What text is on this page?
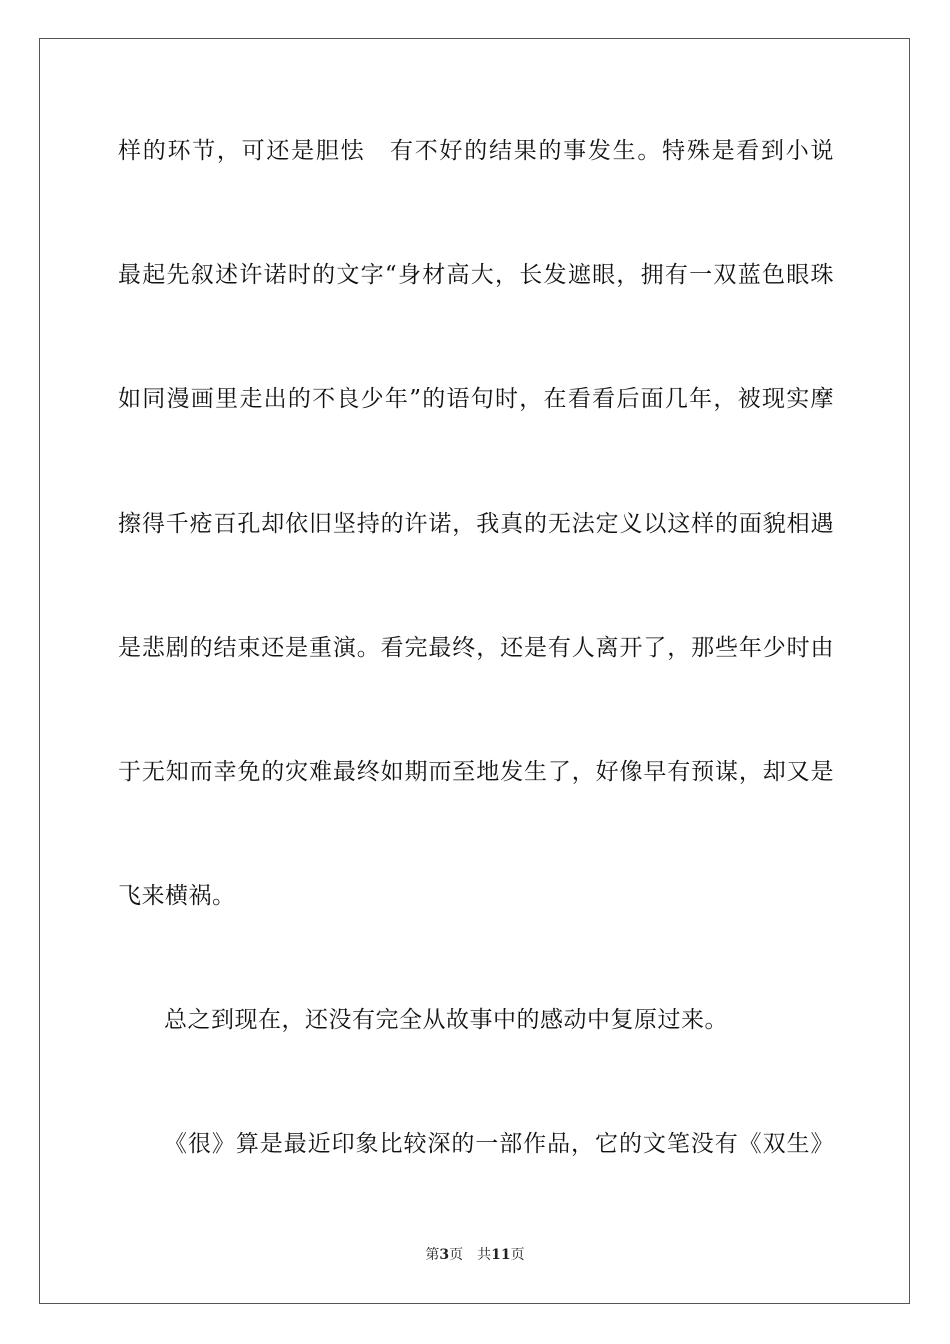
样的环节，可还是胆怯　有不好的结果的事发生。特殊是看到小说
最起先叙述许诺时的文字“身材高大，长发遮眼，拥有一双蓝色眼珠
如同漫画里走出的不良少年”的语句时，在看看后面几年，被现实摩
擦得千疮百孔却依旧坚持的许诺，我真的无法定义以这样的面貌相遇
是悲剧的结束还是重演。看完最终，还是有人离开了，那些年少时由
于无知而幸免的灾难最终如期而至地发生了，好像早有预谋，却又是
飞来横祸。
总之到现在，还没有完全从故事中的感动中复原过来。
《很》算是最近印象比较深的一部作品，它的文笔没有《双生》
第3页 共11页
